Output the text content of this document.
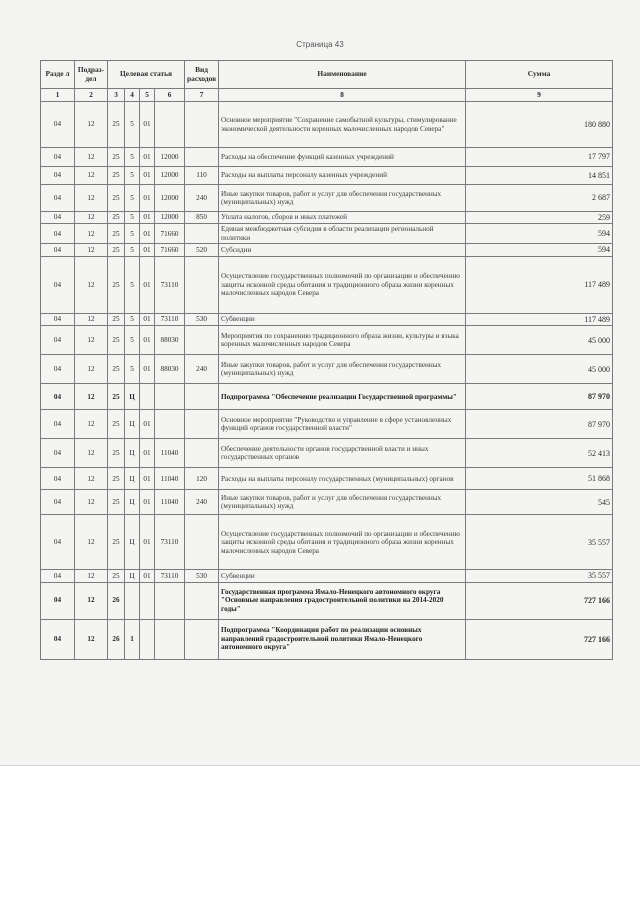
Страница 43
Разде л	Подраз- дел	Целевая статья				Вид расходов	Наименование	Сумма
1	2	3	4	5	6	7	8	9
04	12	25	5	01			Основное мероприятие "Сохранение самобытной культуры, стимулирование экономической деятельности коренных малочисленных народов Севера"	180 880
04	12	25	5	01	12000		Расходы на обеспечение функций казенных учреждений	17 797
04	12	25	5	01	12000	110	Расходы на выплаты персоналу казенных учреждений	14 851
04	12	25	5	01	12000	240	Иные закупки товаров, работ и услуг для обеспечения государственных (муниципальных) нужд	2 687
04	12	25	5	01	12000	850	Уплата налогов, сборов и иных платежей	259
04	12	25	5	01	71660		Единая межбюджетная субсидия в области реализации региональной политики	594
04	12	25	5	01	71660	520	Субсидии	594
04	12	25	5	01	73110		Осуществление государственных полномочий по организации и обеспечению защиты исконной среды обитания и традиционного образа жизни коренных малочисленных народов Севера	117 489
04	12	25	5	01	73110	530	Субвенции	117 489
04	12	25	5	01	88030		Мероприятия по сохранению традиционного образа жизни, культуры и языка коренных малочисленных народов Севера	45 000
04	12	25	5	01	88030	240	Иные закупки товаров, работ и услуг для обеспечения государственных (муниципальных) нужд	45 000
04	12	25	Ц				Подпрограмма "Обеспечение реализации Государственной программы"	87 970
04	12	25	Ц	01			Основное мероприятие "Руководство и управление в сфере установленных функций органов государственной власти"	87 970
04	12	25	Ц	01	11040		Обеспечение деятельности органов государственной власти и иных государственных органов	52 413
04	12	25	Ц	01	11040	120	Расходы на выплаты персоналу государственных (муниципальных) органов	51 868
04	12	25	Ц	01	11040	240	Иные закупки товаров, работ и услуг для обеспечения государственных (муниципальных) нужд	545
04	12	25	Ц	01	73110		Осуществление государственных полномочий по организации и обеспечению защиты исконной среды обитания и традиционного образа жизни коренных малочисленных народов Севера	35 557
04	12	25	Ц	01	73110	530	Субвенции	35 557
04	12	26					Государственная программа Ямало-Ненецкого автономного округа "Основные направления градостроительной политики на 2014-2020 годы"	727 166
04	12	26	1				Подпрограмма "Координация работ по реализации основных направлений градостроительной политики Ямало-Ненецкого автономного округа"	727 166
